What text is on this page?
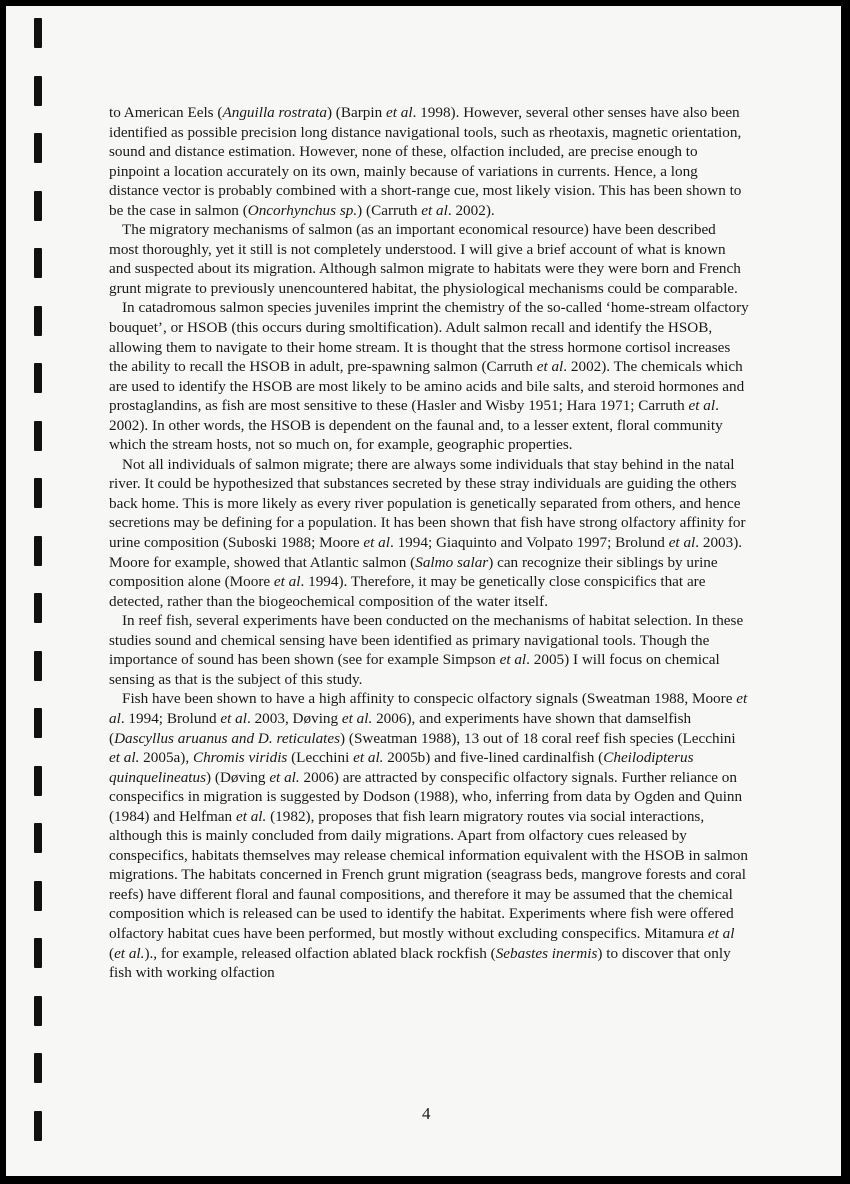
to American Eels (Anguilla rostrata) (Barpin et al. 1998). However, several other senses have also been identified as possible precision long distance navigational tools, such as rheotaxis, magnetic orientation, sound and distance estimation. However, none of these, olfaction included, are precise enough to pinpoint a location accurately on its own, mainly because of variations in currents. Hence, a long distance vector is probably combined with a short-range cue, most likely vision. This has been shown to be the case in salmon (Oncorhynchus sp.) (Carruth et al. 2002).

The migratory mechanisms of salmon (as an important economical resource) have been described most thoroughly, yet it still is not completely understood. I will give a brief account of what is known and suspected about its migration. Although salmon migrate to habitats were they were born and French grunt migrate to previously unencountered habitat, the physiological mechanisms could be comparable.

In catadromous salmon species juveniles imprint the chemistry of the so-called ‘home-stream olfactory bouquet’, or HSOB (this occurs during smoltification). Adult salmon recall and identify the HSOB, allowing them to navigate to their home stream. It is thought that the stress hormone cortisol increases the ability to recall the HSOB in adult, pre-spawning salmon (Carruth et al. 2002). The chemicals which are used to identify the HSOB are most likely to be amino acids and bile salts, and steroid hormones and prostaglandins, as fish are most sensitive to these (Hasler and Wisby 1951; Hara 1971; Carruth et al. 2002). In other words, the HSOB is dependent on the faunal and, to a lesser extent, floral community which the stream hosts, not so much on, for example, geographic properties.

Not all individuals of salmon migrate; there are always some individuals that stay behind in the natal river. It could be hypothesized that substances secreted by these stray individuals are guiding the others back home. This is more likely as every river population is genetically separated from others, and hence secretions may be defining for a population. It has been shown that fish have strong olfactory affinity for urine composition (Suboski 1988; Moore et al. 1994; Giaquinto and Volpato 1997; Brolund et al. 2003). Moore for example, showed that Atlantic salmon (Salmo salar) can recognize their siblings by urine composition alone (Moore et al. 1994). Therefore, it may be genetically close conspicifics that are detected, rather than the biogeochemical composition of the water itself.

In reef fish, several experiments have been conducted on the mechanisms of habitat selection. In these studies sound and chemical sensing have been identified as primary navigational tools. Though the importance of sound has been shown (see for example Simpson et al. 2005) I will focus on chemical sensing as that is the subject of this study.

Fish have been shown to have a high affinity to conspecic olfactory signals (Sweatman 1988, Moore et al. 1994; Brolund et al. 2003, Døving et al. 2006), and experiments have shown that damselfish (Dascyllus aruanus and D. reticulates) (Sweatman 1988), 13 out of 18 coral reef fish species (Lecchini et al. 2005a), Chromis viridis (Lecchini et al. 2005b) and five-lined cardinalfish (Cheilodipterus quinquelineatus) (Døving et al. 2006) are attracted by conspecific olfactory signals. Further reliance on conspecifics in migration is suggested by Dodson (1988), who, inferring from data by Ogden and Quinn (1984) and Helfman et al. (1982), proposes that fish learn migratory routes via social interactions, although this is mainly concluded from daily migrations. Apart from olfactory cues released by conspecifics, habitats themselves may release chemical information equivalent with the HSOB in salmon migrations. The habitats concerned in French grunt migration (seagrass beds, mangrove forests and coral reefs) have different floral and faunal compositions, and therefore it may be assumed that the chemical composition which is released can be used to identify the habitat. Experiments where fish were offered olfactory habitat cues have been performed, but mostly without excluding conspecifics. Mitamura et al (et al.)., for example, released olfaction ablated black rockfish (Sebastes inermis) to discover that only fish with working olfaction

4
